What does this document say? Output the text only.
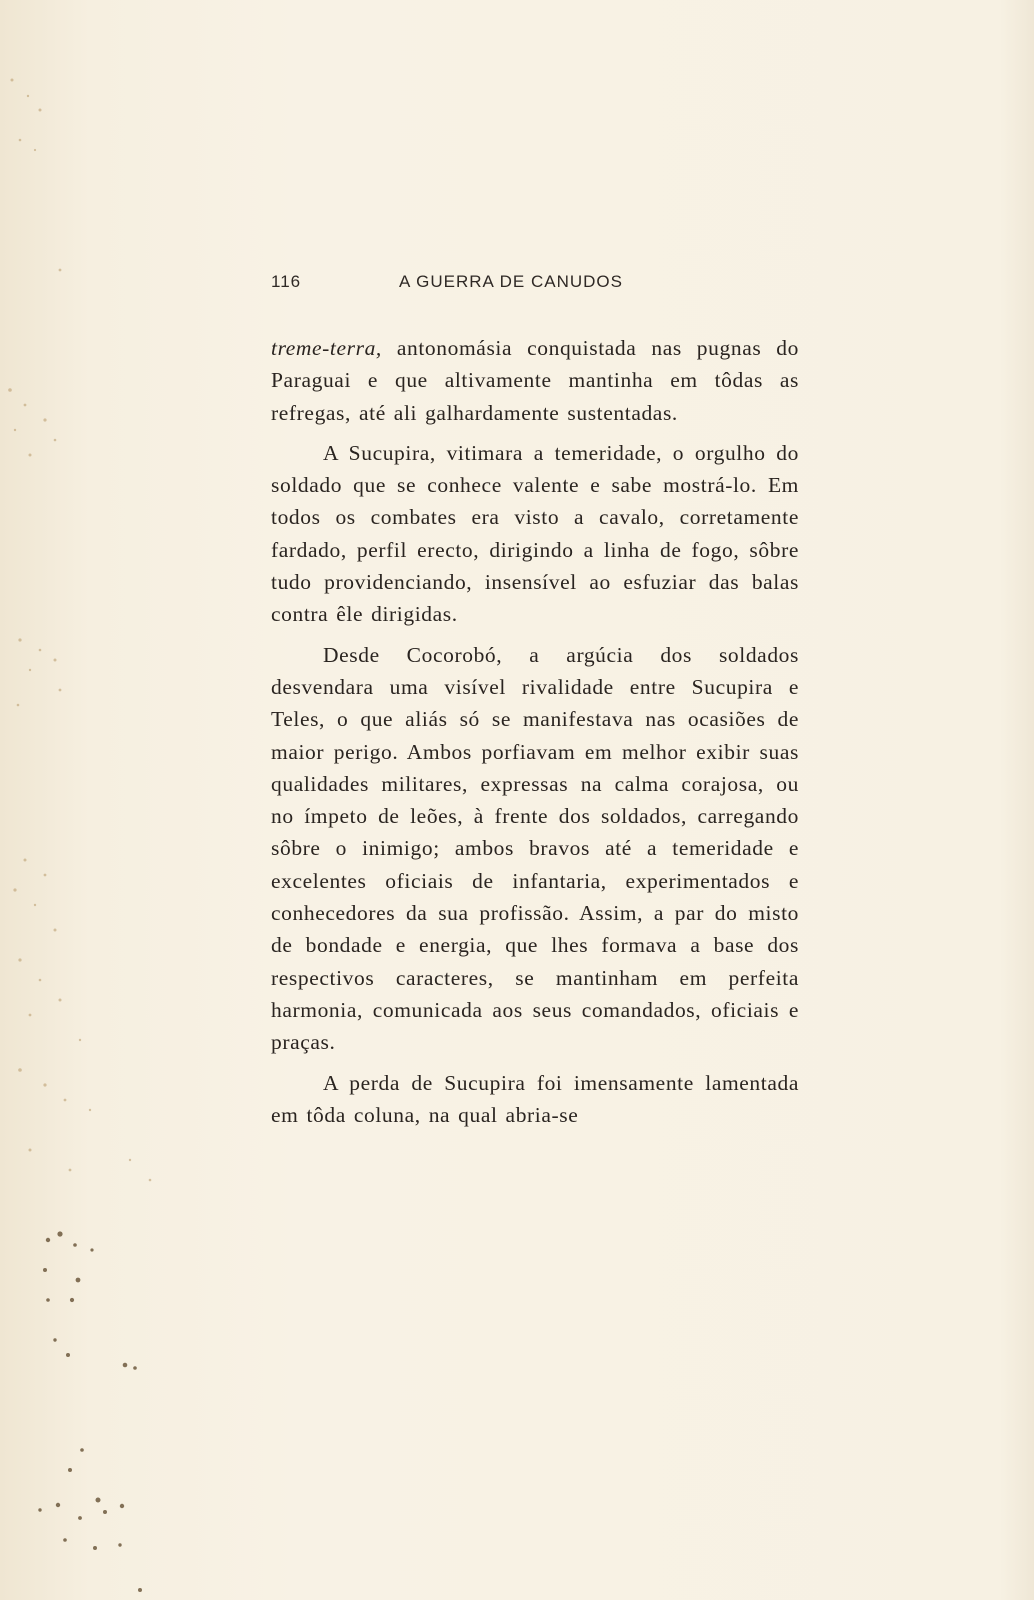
116	A GUERRA DE CANUDOS

treme-terra, antonomásia conquistada nas pugnas do Paraguai e que altivamente mantinha em tôdas as refregas, até ali galhardamente sustentadas.

A Sucupira, vitimara a temeridade, o orgulho do soldado que se conhece valente e sabe mostrá-lo. Em todos os combates era visto a cavalo, corretamente fardado, perfil erecto, dirigindo a linha de fogo, sôbre tudo providenciando, insensível ao esfuziar das balas contra êle dirigidas.

Desde Cocorobó, a argúcia dos soldados desvendara uma visível rivalidade entre Sucupira e Teles, o que aliás só se manifestava nas ocasiões de maior perigo. Ambos porfiavam em melhor exibir suas qualidades militares, expressas na calma corajosa, ou no ímpeto de leões, à frente dos soldados, carregando sôbre o inimigo; ambos bravos até a temeridade e excelentes oficiais de infantaria, experimentados e conhecedores da sua profissão. Assim, a par do misto de bondade e energia, que lhes formava a base dos respectivos caracteres, se mantinham em perfeita harmonia, comunicada aos seus comandados, oficiais e praças.

A perda de Sucupira foi imensamente lamentada em tôda coluna, na qual abria-se
